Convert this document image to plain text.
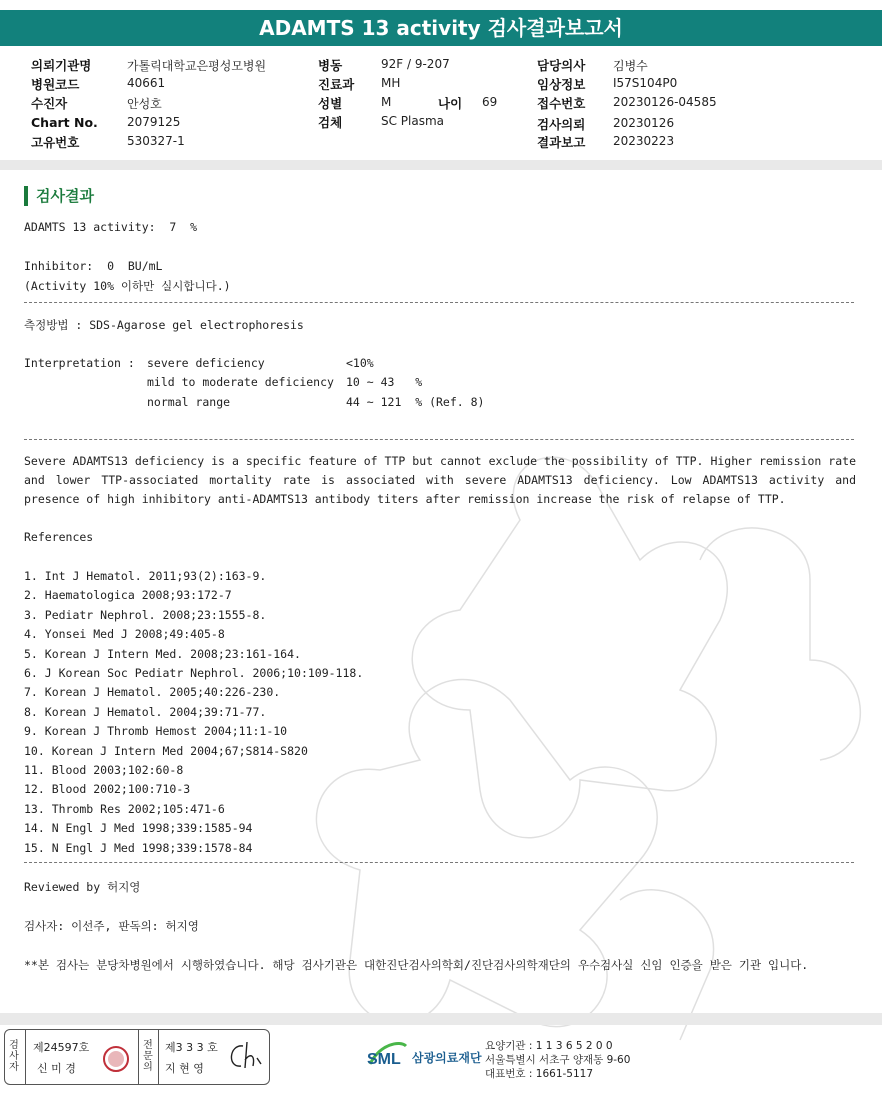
ADAMTS 13 activity 검사결과보고서
의뢰기관명	가톨릭대학교은평성모병원
병원코드	40661
수진자	안성호
Chart No. 2079125
고유번호	530327-1
병동	92F / 9-207
진료과 MH
성별	M	나이 69
검체	SC Plasma
담당의사 김병수
임상정보 I57S104P0
접수번호 20230126-04585
검사의뢰 20230126
결과보고 20230223
검사결과
ADAMTS 13 activity:  7  %
Inhibitor:  0  BU/mL
(Activity 10% 이하만 실시합니다.)
측정방법 : SDS-Agarose gel electrophoresis
Interpretation : severe deficiency	<10%
mild to moderate deficiency 10 ~ 43   %
normal range	44 ~ 121  % (Ref. 8)
Severe ADAMTS13 deficiency is a specific feature of TTP but cannot exclude the possibility of TTP. Higher remission rate and lower TTP-associated mortality rate is associated with severe ADAMTS13 deficiency. Low ADAMTS13 activity and presence of high inhibitory anti-ADAMTS13 antibody titers after remission increase the risk of relapse of TTP.
References
1. Int J Hematol. 2011;93(2):163-9.
2. Haematologica 2008;93:172-7
3. Pediatr Nephrol. 2008;23:1555-8.
4. Yonsei Med J 2008;49:405-8
5. Korean J Intern Med. 2008;23:161-164.
6. J Korean Soc Pediatr Nephrol. 2006;10:109-118.
7. Korean J Hematol. 2005;40:226-230.
8. Korean J Hematol. 2004;39:71-77.
9. Korean J Thromb Hemost 2004;11:1-10
10. Korean J Intern Med 2004;67;S814-S820
11. Blood 2003;102:60-8
12. Blood 2002;100:710-3
13. Thromb Res 2002;105:471-6
14. N Engl J Med 1998;339:1585-94
15. N Engl J Med 1998;339:1578-84
Reviewed by 허지영
검사자: 이선주, 판독의: 허지영
**본 검사는 분당차병원에서 시행하였습니다. 해당 검사기관은 대한진단검사의학회/진단검사의학재단의 우수검사실 신임 인증을 받은 기관 입니다.
검사자
제24597호
신 미 경
전문의
제3 3 3 호
지 현 영
SML 삼광의료재단
요양기관 : 1 1 3 6 5 2 0 0
서울특별시 서초구 양재동 9-60
대표번호 : 1661-5117
